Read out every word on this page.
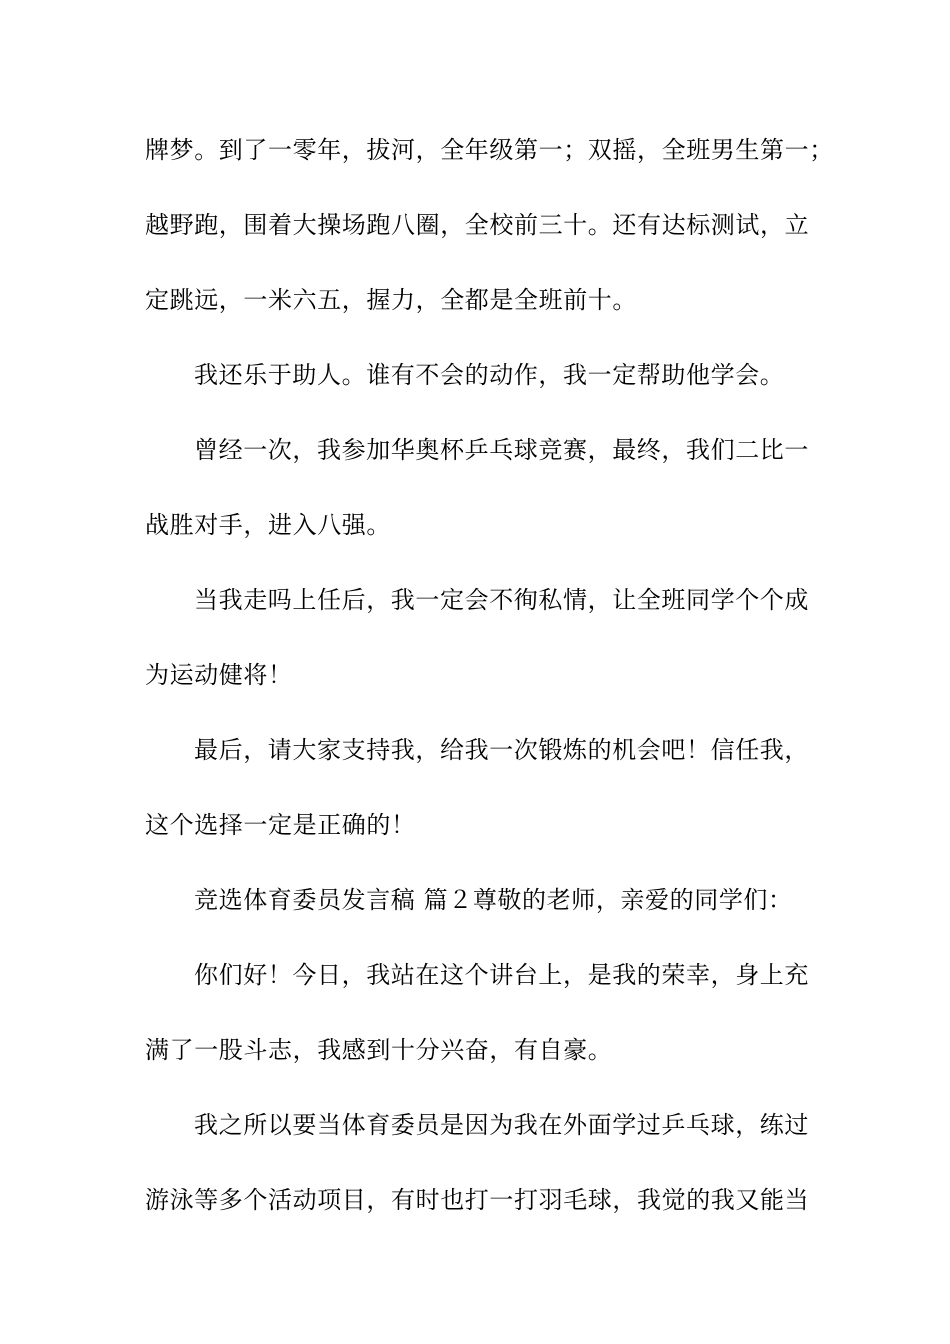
牌梦。到了一零年，拔河，全年级第一；双摇，全班男生第一；
越野跑，围着大操场跑八圈，全校前三十。还有达标测试，立
定跳远，一米六五，握力，全都是全班前十。
我还乐于助人。谁有不会的动作，我一定帮助他学会。
曾经一次，我参加华奥杯乒乓球竞赛，最终，我们二比一
战胜对手，进入八强。
当我走吗上任后，我一定会不徇私情，让全班同学个个成
为运动健将！
最后，请大家支持我，给我一次锻炼的机会吧！信任我，
这个选择一定是正确的！
竞选体育委员发言稿 篇２尊敬的老师，亲爱的同学们：
你们好！今日，我站在这个讲台上，是我的荣幸，身上充
满了一股斗志，我感到十分兴奋，有自豪。
我之所以要当体育委员是因为我在外面学过乒乓球，练过
游泳等多个活动项目，有时也打一打羽毛球，我觉的我又能当
